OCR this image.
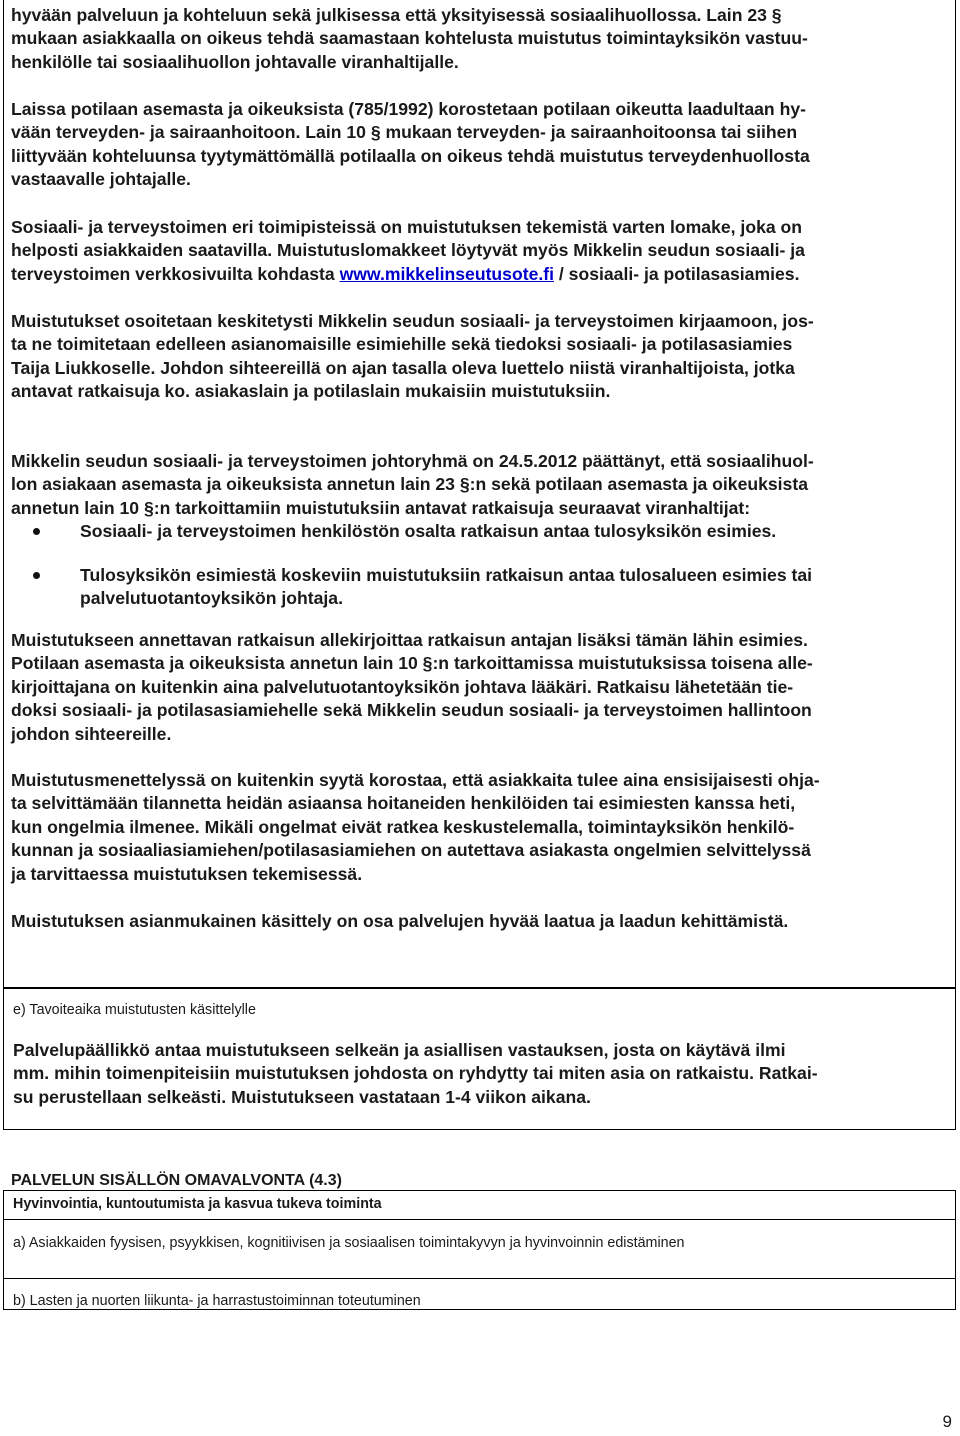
hyvään palveluun ja kohteluun sekä julkisessa että yksityisessä sosiaalihuollossa. Lain 23 §
mukaan asiakkaalla on oikeus tehdä saamastaan kohtelusta muistutus toimintayksikön vastuu-
henkilölle tai sosiaalihuollon johtavalle viranhaltijalle.
Laissa potilaan asemasta ja oikeuksista (785/1992) korostetaan potilaan oikeutta laadultaan hy-
vään terveyden- ja sairaanhoitoon. Lain 10 § mukaan terveyden- ja sairaanhoitoonsa tai siihen
liittyvään kohteluunsa tyytymättömällä potilaalla on oikeus tehdä muistutus terveydenhuollosta
vastaavalle johtajalle.
Sosiaali- ja terveystoimen eri toimipisteissä on muistutuksen tekemistä varten lomake, joka on
helposti asiakkaiden saatavilla. Muistutuslomakkeet löytyvät myös Mikkelin seudun sosiaali- ja
terveystoimen verkkosivuilta kohdasta www.mikkelinseutusote.fi / sosiaali- ja potilasasiamies.
Muistutukset osoitetaan keskitetysti Mikkelin seudun sosiaali- ja terveystoimen kirjaamoon, jos-
ta ne toimitetaan edelleen asianomaisille esimiehille sekä tiedoksi sosiaali- ja potilasasiamies
Taija Liukkoselle. Johdon sihteereillä on ajan tasalla oleva luettelo niistä viranhaltijoista, jotka
antavat ratkaisuja ko. asiakaslain ja potilaslain mukaisiin muistutuksiin.
Mikkelin seudun sosiaali- ja terveystoimen johtoryhmä on 24.5.2012 päättänyt, että sosiaalihuol-
lon asiakaan asemasta ja oikeuksista annetun lain 23 §:n sekä potilaan asemasta ja oikeuksista
annetun lain 10 §:n tarkoittamiin muistutuksiin antavat ratkaisuja seuraavat viranhaltijat:
Sosiaali- ja terveystoimen henkilöstön osalta ratkaisun antaa tulosyksikön esimies.
Tulosyksikön esimiestä koskeviin muistutuksiin ratkaisun antaa tulosalueen esimies tai
palvelutuotantoyksikön johtaja.
Muistutukseen annettavan ratkaisun allekirjoittaa ratkaisun antajan lisäksi tämän lähin esimies.
Potilaan asemasta ja oikeuksista annetun lain 10 §:n tarkoittamissa muistutuksissa toisena alle-
kirjoittajana on kuitenkin aina palvelutuotantoyksikön johtava lääkäri. Ratkaisu lähetetään tie-
doksi sosiaali- ja potilasasiamiehelle sekä Mikkelin seudun sosiaali- ja terveystoimen hallintoon
johdon sihteereille.
Muistutusmenettelyssä on kuitenkin syytä korostaa, että asiakkaita tulee aina ensisijaisesti ohja-
ta selvittämään tilannetta heidän asiaansa hoitaneiden henkilöiden tai esimiesten kanssa heti,
kun ongelmia ilmenee. Mikäli ongelmat eivät ratkea keskustelemalla, toimintayksikön henkilö-
kunnan ja sosiaaliasiamiehen/potilasasiamiehen on autettava asiakasta ongelmien selvittelyssä
ja tarvittaessa muistutuksen tekemisessä.
Muistutuksen asianmukainen käsittely on osa palvelujen hyvää laatua ja laadun kehittämistä.
e) Tavoiteaika muistutusten käsittelylle
Palvelupäällikkö antaa muistutukseen selkeän ja asiallisen vastauksen, josta on käytävä ilmi
mm. mihin toimenpiteisiin muistutuksen johdosta on ryhdytty tai miten asia on ratkaistu. Ratkai-
su perustellaan selkeästi. Muistutukseen vastataan 1-4 viikon aikana.
PALVELUN SISÄLLÖN OMAVALVONTA (4.3)
Hyvinvointia, kuntoutumista ja kasvua tukeva toiminta
a) Asiakkaiden fyysisen, psyykkisen, kognitiivisen ja sosiaalisen toimintakyvyn ja hyvinvoinnin edistäminen
b) Lasten ja nuorten liikunta- ja harrastustoiminnan toteutuminen
9
